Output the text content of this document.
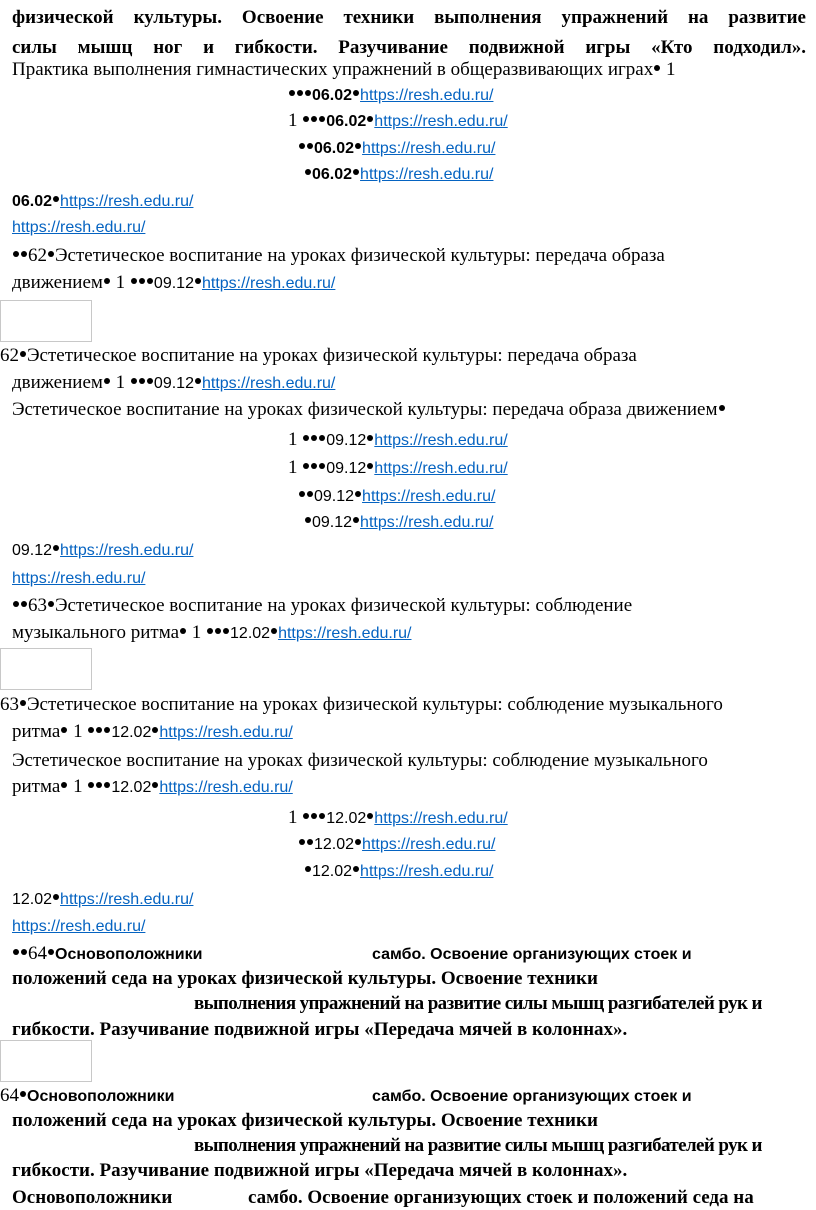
физической культуры. Освоение техники выполнения упражнений на развитие
силы мышц ног и гибкости. Разучивание подвижной игры «Кто подходил».
Практика выполнения гимнастических упражнений в общеразвивающих играх 1
06.02 https://resh.edu.ru/
1 06.02 https://resh.edu.ru/
06.02 https://resh.edu.ru/
06.02 https://resh.edu.ru/
06.02 https://resh.edu.ru/
https://resh.edu.ru/
62 Эстетическое воспитание на уроках физической культуры: передача образа
движением 1 09.12 https://resh.edu.ru/
62 Эстетическое воспитание на уроках физической культуры: передача образа
движением 1 09.12 https://resh.edu.ru/
Эстетическое воспитание на уроках физической культуры: передача образа движением
1 09.12 https://resh.edu.ru/
1 09.12 https://resh.edu.ru/
09.12 https://resh.edu.ru/
09.12 https://resh.edu.ru/
09.12 https://resh.edu.ru/
https://resh.edu.ru/
63 Эстетическое воспитание на уроках физической культуры: соблюдение
музыкального ритма 1 12.02 https://resh.edu.ru/
63 Эстетическое воспитание на уроках физической культуры: соблюдение музыкального
ритма 1 12.02 https://resh.edu.ru/
Эстетическое воспитание на уроках физической культуры: соблюдение музыкального
ритма 1 12.02 https://resh.edu.ru/
1 12.02 https://resh.edu.ru/
12.02 https://resh.edu.ru/
12.02 https://resh.edu.ru/
12.02 https://resh.edu.ru/
https://resh.edu.ru/
64 Основоположники	самбо. Освоение организующих стоек и
положений седа на уроках физической культуры. Освоение техники
выполнения упражнений на развитие силы мышц разгибателей рук и
гибкости. Разучивание подвижной игры «Передача мячей в колоннах».
64 Основоположники	самбо. Освоение организующих стоек и
положений седа на уроках физической культуры. Освоение техники
выполнения упражнений на развитие силы мышц разгибателей рук и
гибкости. Разучивание подвижной игры «Передача мячей в колоннах».
Основоположники	самбо. Освоение организующих стоек и положений седа на
